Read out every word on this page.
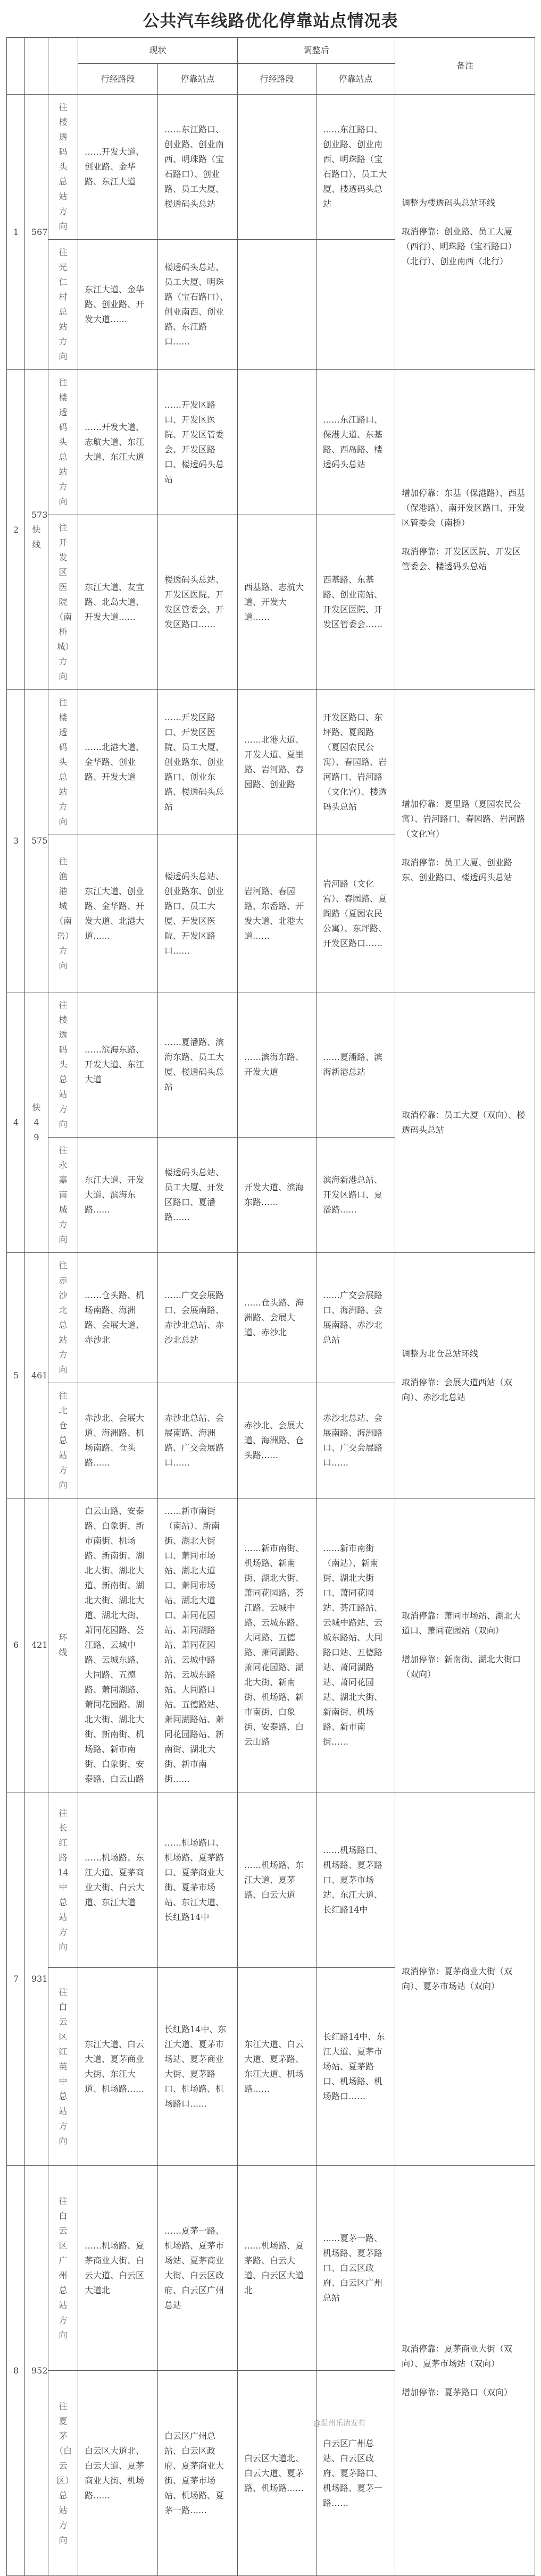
公共汽车线路优化停靠站点情况表
			现状		调整后		备注
			行经路段	停靠站点	行经路段	停靠站点	
1	567	往楼透码头总站方向	……开发大道、创业路、金华路、东江大道	……东江路口、创业路、创业南西、明珠路（宝石路口）、创业路、员工大厦、楼透码头总站		……东江路口、创业路、创业南西、明珠路（宝石路口）、员工大厦、楼透码头总站	调整为楼透码头总站环线
取消停靠：创业路、员工大厦（西行）、明珠路（宝石路口）（北行）、创业南西（北行）

		往光仁村总站方向	东江大道、金华路、创业路、开发大道……	楼透码头总站、员工大厦、明珠路（宝石路口）、创业南西、创业路、东江路口……			
2	573 快线	往楼透码头总站方向	……开发大道、志航大道、东江大道、东江大道	……开发区路口、开发区医院、开发区管委会、开发区路口、楼透码头总站		……东江路口、保港大道、东基路、西岛路、楼透码头总站	增加停靠：东基（保港路）、西基（保港路）、南开发区路口、开发区管委会（南桥）
取消停靠：开发区医院、开发区管委会、楼透码头总站

		往开发区医院（南桥城）方向	东江大道、友宜路、北岛大道、开发大道……	楼透码头总站、开发区医院、开发区管委会、开发区路口……	西基路、志航大道、开发大道……	西基路、东基路、创业南站、开发区医院、开发区管委会……	
3	575	往楼透码头总站方向	……北港大道、金华路、创业路、开发大道	……开发区路口、开发区医院、员工大厦、创业路东、创业路口、创业东路、楼透码头总站	……北港大道、开发大道、夏里路、岩河路、春园路、创业路	开发区路口、东坪路、夏阁路（夏园农民公寓）、春园路、岩河路口、岩河路（文化宫）、楼透码头总站	增加停靠：夏里路（夏园农民公寓）、岩河路口、春园路、岩河路（文化宫）
取消停靠：员工大厦、创业路东、创业路口、楼透码头总站

		往渔港城（南岳）方向	东江大道、创业路、金华路、开发大道、北港大道……	楼透码头总站、创业路东、创业路口、员工大厦、开发区医院、开发区路口……	岩河路、春园路、东岙路、开发大道、北港大道……	岩河路（文化宫）、春园路、夏阁路（夏园农民公寓）、东坪路、开发区路口……	
4	快4 9	往楼透码头总站方向	……滨海东路、开发大道、东江大道	……夏潘路、滨海东路、员工大厦、楼透码头总站	……滨海东路、开发大道	……夏潘路、滨海新港总站	取消停靠：员工大厦（双向）、楼透码头总站

		往永嘉南城方向	东江大道、开发大道、滨海东路……	楼透码头总站、员工大厦、开发区路口、夏潘路……	开发大道、滨海东路……	滨海新港总站、开发区路口、夏潘路……	
5	461	往赤沙北总站方向	……仓头路、机场南路、海洲路、会展大道、赤沙北	……广交会展路口、会展南路、赤沙北总站、赤沙北总站	……仓头路、海洲路、会展大道、赤沙北	……广交会展路口、海洲路、会展南路、赤沙北总站	调整为北仓总站环线
取消停靠：会展大道西站（双向）、赤沙北总站

		往北仓总站方向	赤沙北、会展大道、海洲路、机场南路、仓头路……	赤沙北总站、会展南路、海洲路、广交会展路口……	赤沙北、会展大道、海洲路、仓头路……	赤沙北总站、会展南路、海洲路口、广交会展路口……	
6	421	环线	白云山路、安泰路、白象街、新市南街、机场路、新南街、湖北大街、湖北大道、新南街、湖北大街、湖北大道、湖北大街、萧同花园路、荟江路、云城中路、云城东路、大同路、五德路、萧同湖路、萧同花园路、湖北大街、湖北大街、新南街、机场路、新市南街、白象街、安泰路、白云山路	……新市南街（南站）、新南街、湖北大街口、萧同市场站、湖北大道口、萧同市场站、湖北大道口、萧同花园站、萧同湖路站、萧同花园站、云城中路站、云城东路站、大同路口站、五德路站、萧同湖路站、萧同花园路站、新南街、湖北大街、新市南街……	……新市南街、机场路、新南街、湖北大街、萧同花园路、荟江路、云城中路、云城东路、大同路、五德路、萧同湖路、萧同花园路、湖北大街、新南街、机场路、新市南街、白象街、安泰路、白云山路	……新市南街（南站）、新南街、湖北大街口、萧同花园站、荟江路站、云城中路站、云城东路站、大同路口站、五德路站、萧同湖路站、萧同花园站、湖北大街、新南街、机场路、新市南街……	取消停靠：萧同市场站、湖北大道口、萧同花园站（双向）
增加停靠：新南街、湖北大街口（双向）

7	931	往长红路14中总站方向	……机场路、东江大道、夏茅商业大街、白云大道、东江大道	……机场路口、机场路、夏茅路口、夏茅商业大街、夏茅市场站、东江大道、长红路14中	……机场路、东江大道、夏茅路、白云大道	……机场路口、机场路、夏茅路口、夏茅市场站、东江大道、长红路14中	取消停靠：夏茅商业大街（双向）、夏茅市场站（双向）

		往白云区红英中总站方向	东江大道、白云大道、夏茅商业大街、东江大道、机场路……	长红路14中、东江大道、夏茅市场站、夏茅商业大街、夏茅路口、机场路、机场路口……	东江大道、白云大道、夏茅路、东江大道、机场路……	长红路14中、东江大道、夏茅市场站、夏茅路口、机场路、机场路口……	
8	952	往白云区广州总站方向	……机场路、夏茅商业大街、白云大道、白云区大道北	……夏茅一路、机场路、夏茅市场站、夏茅商业大街、白云区政府、白云区广州总站	……机场路、夏茅路、白云大道、白云区大道北	……夏茅一路、机场路、夏茅路口、白云区政府、白云区广州总站	取消停靠：夏茅商业大街（双向）、夏茅市场站（双向）
增加停靠：夏茅路口（双向）

		往夏茅（白云区）总站方向	白云区大道北、白云大道、夏茅商业大街、机场路……	白云区广州总站、白云区政府、夏茅商业大街、夏茅市场站、机场路、夏茅一路……	白云区大道北、白云大道、夏茅路、机场路……	白云区广州总站、白云区政府、夏茅路口、机场路、夏茅一路……	
@温州乐清发布
